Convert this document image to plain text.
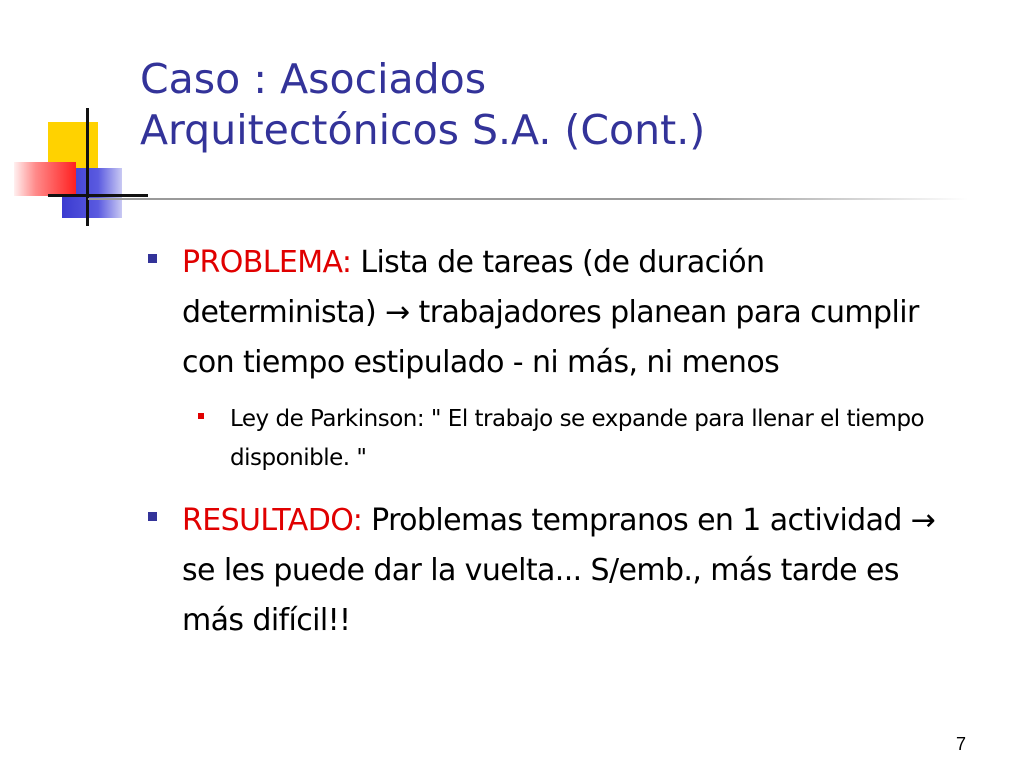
Caso : Asociados
Arquitectónicos S.A. (Cont.)
PROBLEMA: Lista de tareas (de duración determinista) → trabajadores planean para cumplir con tiempo estipulado - ni más, ni menos
Ley de Parkinson: " El trabajo se expande para llenar el tiempo disponible. "
RESULTADO: Problemas tempranos en 1 actividad → se les puede dar la vuelta... S/emb., más tarde es más difícil!!
7
